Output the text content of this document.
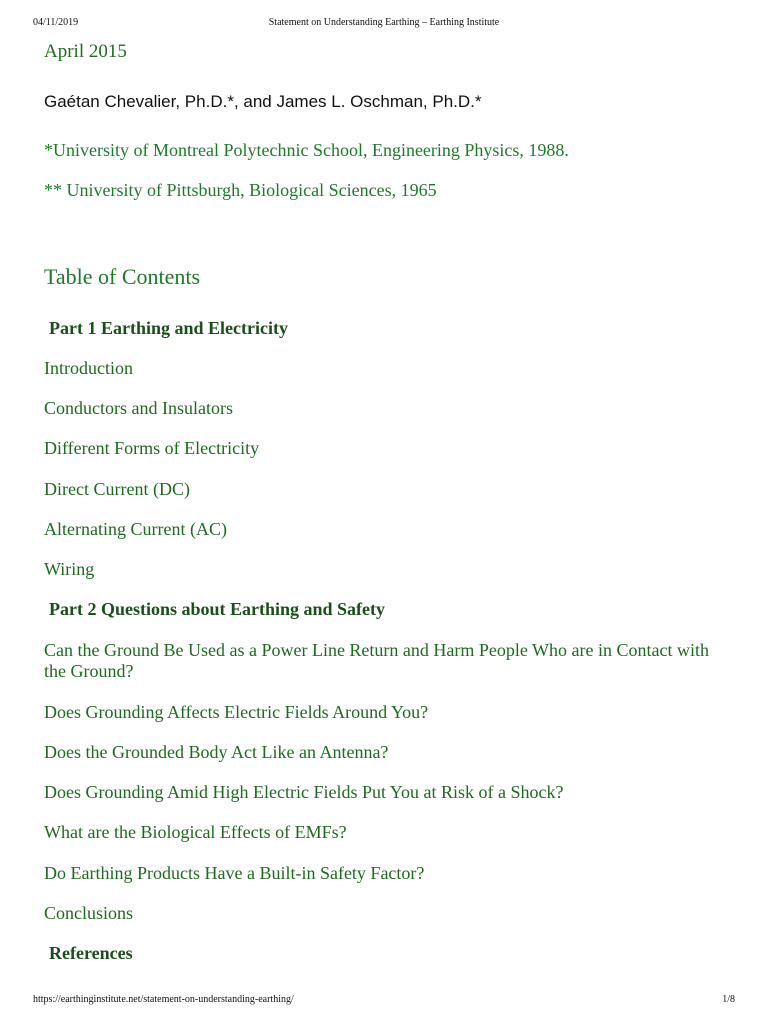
04/11/2019	Statement on Understanding Earthing – Earthing Institute
April 2015
Gaétan Chevalier, Ph.D.*, and James L. Oschman, Ph.D.*
*University of Montreal Polytechnic School, Engineering Physics, 1988.
** University of Pittsburgh, Biological Sciences, 1965
Table of Contents
Part 1 Earthing and Electricity
Introduction
Conductors and Insulators
Different Forms of Electricity
Direct Current (DC)
Alternating Current (AC)
Wiring
Part 2 Questions about Earthing and Safety
Can the Ground Be Used as a Power Line Return and Harm People Who are in Contact with the Ground?
Does Grounding Affects Electric Fields Around You?
Does the Grounded Body Act Like an Antenna?
Does Grounding Amid High Electric Fields Put You at Risk of a Shock?
What are the Biological Effects of EMFs?
Do Earthing Products Have a Built-in Safety Factor?
Conclusions
References
https://earthinginstitute.net/statement-on-understanding-earthing/	1/8
